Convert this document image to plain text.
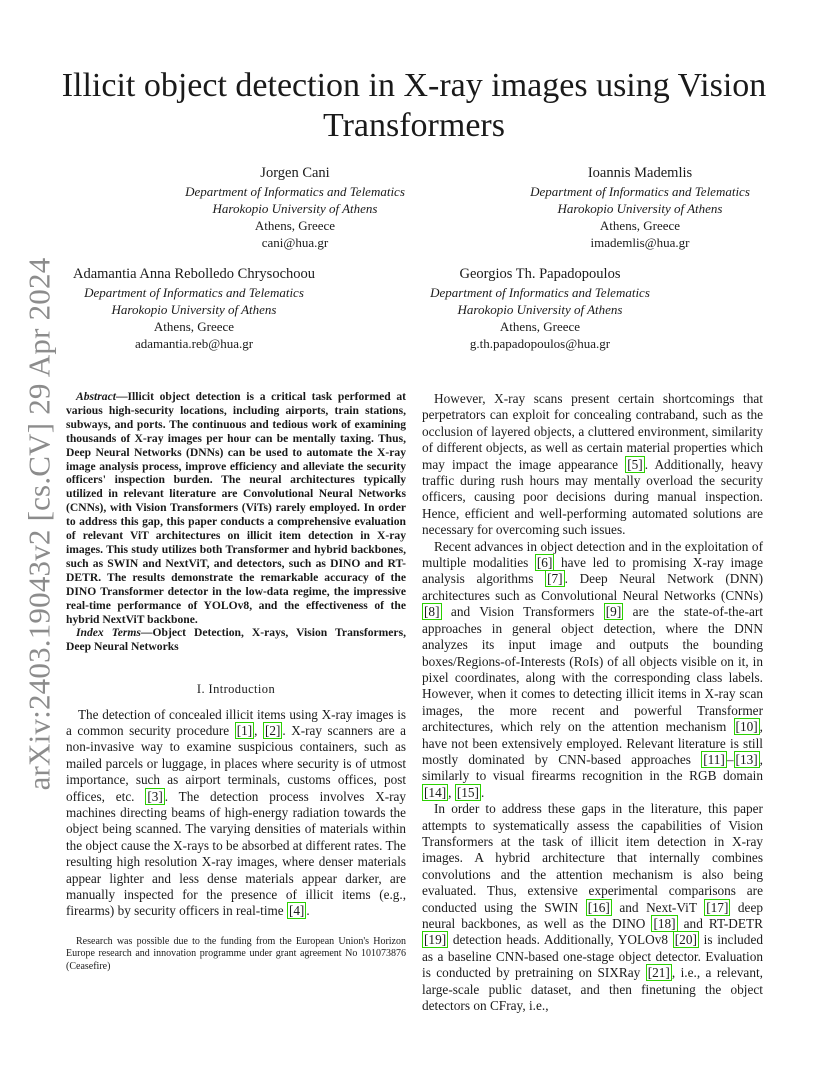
arXiv:2403.19043v2 [cs.CV] 29 Apr 2024
Illicit object detection in X-ray images using Vision Transformers
Jorgen Cani
Department of Informatics and Telematics
Harokopio University of Athens
Athens, Greece
cani@hua.gr
Ioannis Mademlis
Department of Informatics and Telematics
Harokopio University of Athens
Athens, Greece
imademlis@hua.gr
Adamantia Anna Rebolledo Chrysochoou
Department of Informatics and Telematics
Harokopio University of Athens
Athens, Greece
adamantia.reb@hua.gr
Georgios Th. Papadopoulos
Department of Informatics and Telematics
Harokopio University of Athens
Athens, Greece
g.th.papadopoulos@hua.gr

Abstract—Illicit object detection is a critical task performed at various high-security locations, including airports, train stations, subways, and ports. The continuous and tedious work of examining thousands of X-ray images per hour can be mentally taxing. Thus, Deep Neural Networks (DNNs) can be used to automate the X-ray image analysis process, improve efficiency and alleviate the security officers' inspection burden. The neural architectures typically utilized in relevant literature are Convolutional Neural Networks (CNNs), with Vision Transformers (ViTs) rarely employed. In order to address this gap, this paper conducts a comprehensive evaluation of relevant ViT architectures on illicit item detection in X-ray images. This study utilizes both Transformer and hybrid backbones, such as SWIN and NextViT, and detectors, such as DINO and RT-DETR. The results demonstrate the remarkable accuracy of the DINO Transformer detector in the low-data regime, the impressive real-time performance of YOLOv8, and the effectiveness of the hybrid NextViT backbone.

Index Terms—Object Detection, X-rays, Vision Transformers, Deep Neural Networks

I. Introduction

The detection of concealed illicit items using X-ray images is a common security procedure [1] , [2] . X-ray scanners are a non-invasive way to examine suspicious containers, such as mailed parcels or luggage, in places where security is of utmost importance, such as airport terminals, customs offices, post offices, etc. [3] . The detection process involves X-ray machines directing beams of high-energy radiation towards the object being scanned. The varying densities of materials within the object cause the X-rays to be absorbed at different rates. The resulting high resolution X-ray images, where denser materials appear lighter and less dense materials appear darker, are manually inspected for the presence of illicit items (e.g., firearms) by security officers in real-time [4] .

Research was possible due to the funding from the European Union's Horizon Europe research and innovation programme under grant agreement No 101073876 (Ceasefire)

However, X-ray scans present certain shortcomings that perpetrators can exploit for concealing contraband, such as the occlusion of layered objects, a cluttered environment, similarity of different objects, as well as certain material properties which may impact the image appearance [5] . Additionally, heavy traffic during rush hours may mentally overload the security officers, causing poor decisions during manual inspection. Hence, efficient and well-performing automated solutions are necessary for overcoming such issues.

Recent advances in object detection and in the exploitation of multiple modalities [6] have led to promising X-ray image analysis algorithms [7] . Deep Neural Network (DNN) architectures such as Convolutional Neural Networks (CNNs) [8] and Vision Transformers [9] are the state-of-the-art approaches in general object detection, where the DNN analyzes its input image and outputs the bounding boxes/Regions-of-Interests (RoIs) of all objects visible on it, in pixel coordinates, along with the corresponding class labels. However, when it comes to detecting illicit items in X-ray scan images, the more recent and powerful Transformer architectures, which rely on the attention mechanism [10] , have not been extensively employed. Relevant literature is still mostly dominated by CNN-based approaches [11] – [13] , similarly to visual firearms recognition in the RGB domain [14] , [15] .

In order to address these gaps in the literature, this paper attempts to systematically assess the capabilities of Vision Transformers at the task of illicit item detection in X-ray images. A hybrid architecture that internally combines convolutions and the attention mechanism is also being evaluated. Thus, extensive experimental comparisons are conducted using the SWIN [16] and Next-ViT [17] deep neural backbones, as well as the DINO [18] and RT-DETR [19] detection heads. Additionally, YOLOv8 [20] is included as a baseline CNN-based one-stage object detector. Evaluation is conducted by pretraining on SIXRay [21] , i.e., a relevant, large-scale public dataset, and then finetuning the object detectors on CFray, i.e.,
